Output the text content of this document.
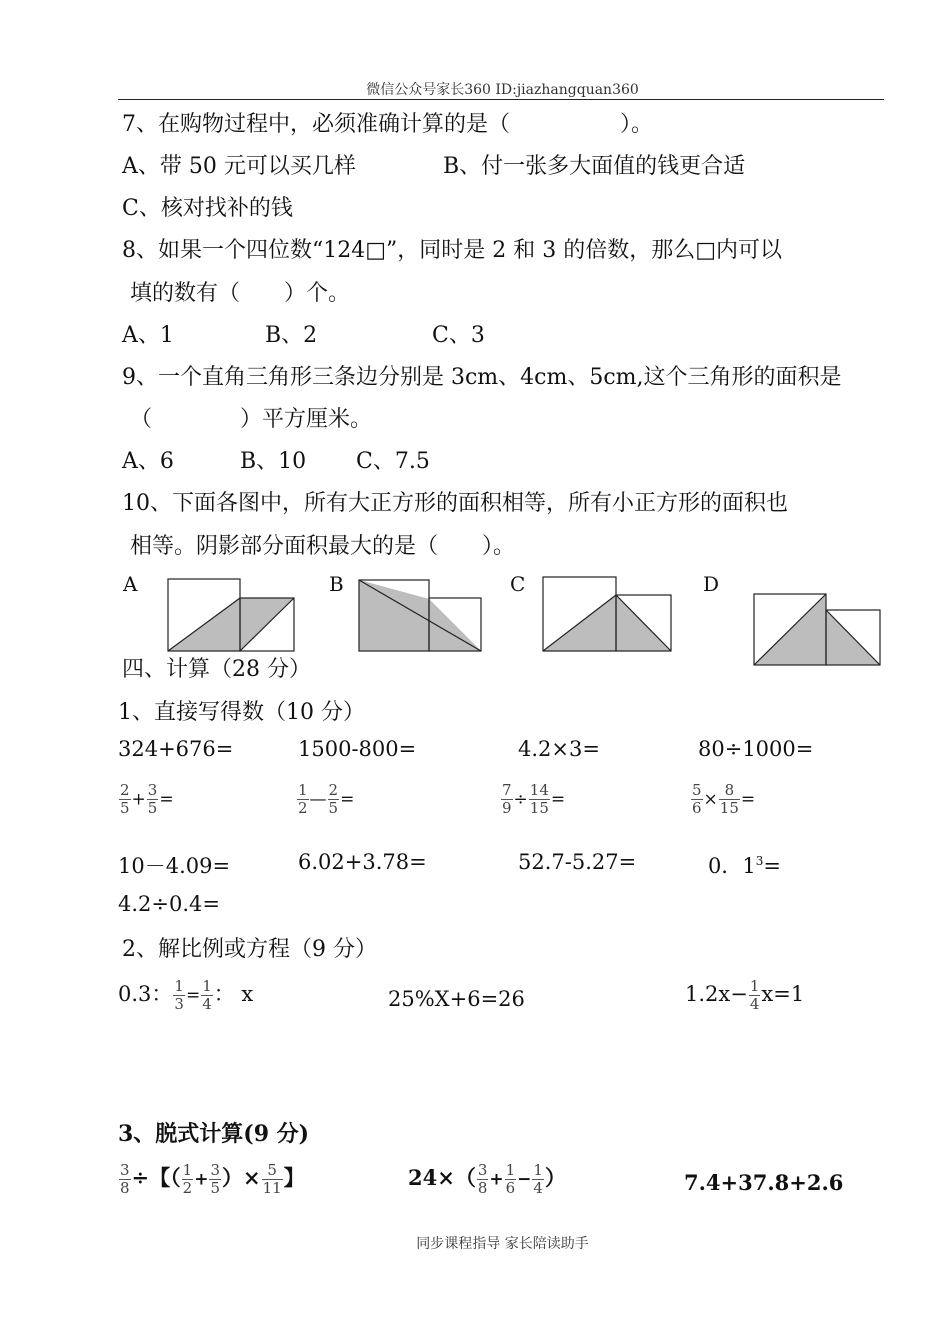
微信公众号家长360 ID:jiazhangquan360
7、在购物过程中，必须准确计算的是（　　　　　）。
A、带 50 元可以买几样	B、付一张多大面值的钱更合适
C、核对找补的钱
8、如果一个四位数“124□”，同时是 2 和 3 的倍数，那么□内可以
填的数有（　　）个。
A、1	B、2	C、3
9、一个直角三角形三条边分别是 3cm、4cm、5cm,这个三角形的面积是
（　　　　）平方厘米。
A、6	B、10 C、7.5
10、下面各图中，所有大正方形的面积相等，所有小正方形的面积也
相等。阴影部分面积最大的是（　　）。
A	B	C	D
四、计算（28 分）
1、直接写得数（10 分）
324+676=	1500-800=	4.2×3=	80÷1000=
$\frac{2}{5} + \frac{3}{5}$ =	$\frac{1}{2}$ — $\frac{2}{5}$ =	$\frac{7}{9} \div \frac{14}{15}$ =	$\frac{5}{6} \times \frac{8}{15}$ =
10－4.09=	6.02+3.78=	52.7-5.27=	0．$1^3=$
4.2÷0.4=
2、解比例或方程（9 分）
0.3： $\frac{1}{3} = \frac{1}{4}$ ： x	25%X+6=26	$1.2x- \frac{1}{4} x=1$
3、脱式计算(9 分)
$\frac{3}{8}$ ÷【（ $\frac{1}{2} + \frac{3}{5}$ ）× $\frac{5}{11}$ 】	$24\times( \frac{3}{8} + \frac{1}{6} - \frac{1}{4}$ ）	7.4+37.8+2.6
同步课程指导 家长陪读助手
